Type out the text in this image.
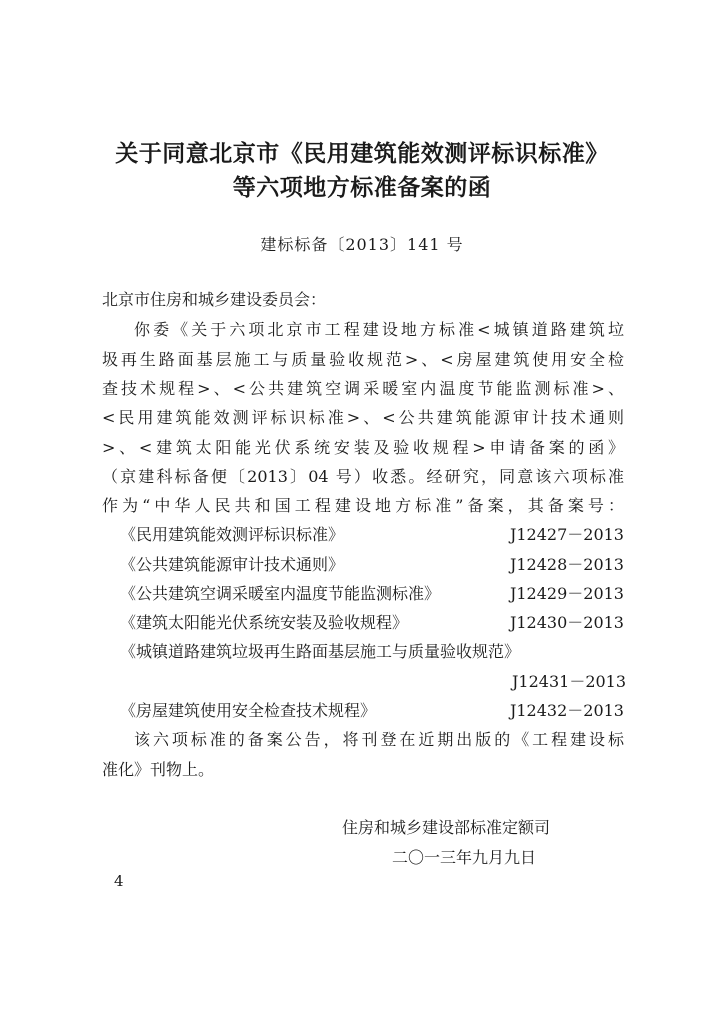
关于同意北京市《民用建筑能效测评标识标准》
等六项地方标准备案的函
建标标备〔2013〕141 号
北京市住房和城乡建设委员会：
你委《关于六项北京市工程建设地方标准<城镇道路建筑垃
圾再生路面基层施工与质量验收规范>、<房屋建筑使用安全检
查技术规程>、<公共建筑空调采暖室内温度节能监测标准>、
<民用建筑能效测评标识标准>、<公共建筑能源审计技术通则
>、<建筑太阳能光伏系统安装及验收规程>申请备案的函》
（京建科标备便〔2013〕04 号）收悉。经研究，同意该六项标准
作为“中华人民共和国工程建设地方标准”备案，其备案号：
《民用建筑能效测评标识标准》	J12427－2013
《公共建筑能源审计技术通则》	J12428－2013
《公共建筑空调采暖室内温度节能监测标准》	J12429－2013
《建筑太阳能光伏系统安装及验收规程》	J12430－2013
《城镇道路建筑垃圾再生路面基层施工与质量验收规范》
J12431－2013
《房屋建筑使用安全检查技术规程》	J12432－2013
该六项标准的备案公告，将刊登在近期出版的《工程建设标
准化》刊物上。
住房和城乡建设部标准定额司
二〇一三年九月九日
4
